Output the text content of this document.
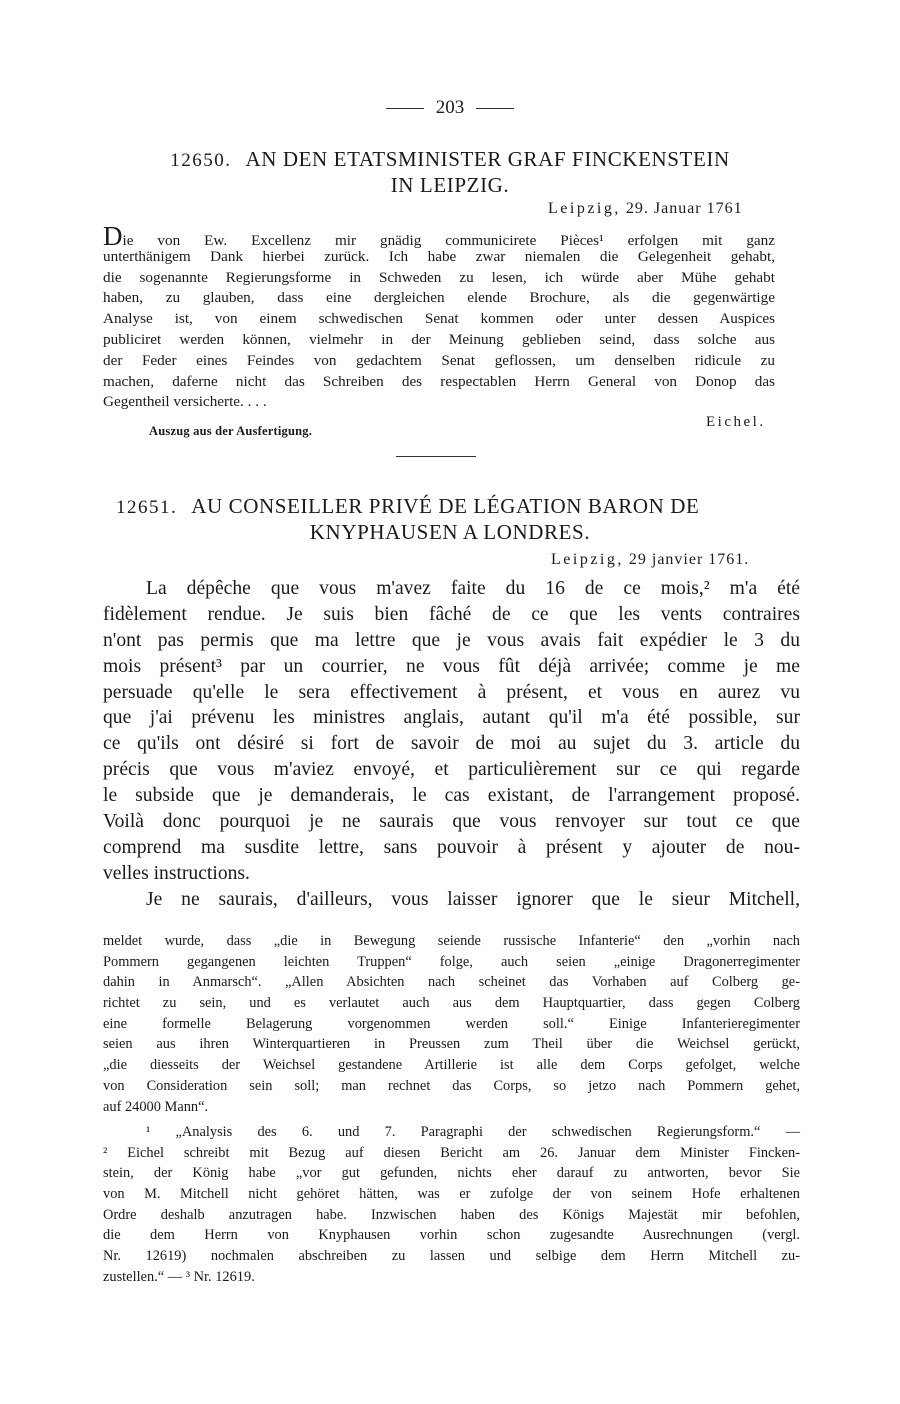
203
12650. AN DEN ETATSMINISTER GRAF FINCKENSTEIN
IN LEIPZIG.
Leipzig, 29. Januar 1761
Die von Ew. Excellenz mir gnädig communicirete Pièces¹ erfolgen mit ganz
unterthänigem Dank hierbei zurück. Ich habe zwar niemalen die Gelegenheit gehabt,
die sogenannte Regierungsforme in Schweden zu lesen, ich würde aber Mühe gehabt
haben, zu glauben, dass eine dergleichen elende Brochure, als die gegenwärtige
Analyse ist, von einem schwedischen Senat kommen oder unter dessen Auspices
publiciret werden können, vielmehr in der Meinung geblieben seind, dass solche aus
der Feder eines Feindes von gedachtem Senat geflossen, um denselben ridicule zu
machen, daferne nicht das Schreiben des respectablen Herrn General von Donop das
Gegentheil versicherte. . . .
Eichel.
Auszug aus der Ausfertigung.
12651. AU CONSEILLER PRIVÉ DE LÉGATION BARON DE
KNYPHAUSEN A LONDRES.
Leipzig, 29 janvier 1761.
La dépêche que vous m'avez faite du 16 de ce mois,² m'a été
fidèlement rendue. Je suis bien fâché de ce que les vents contraires
n'ont pas permis que ma lettre que je vous avais fait expédier le 3 du
mois présent³ par un courrier, ne vous fût déjà arrivée; comme je me
persuade qu'elle le sera effectivement à présent, et vous en aurez vu
que j'ai prévenu les ministres anglais, autant qu'il m'a été possible, sur
ce qu'ils ont désiré si fort de savoir de moi au sujet du 3. article du
précis que vous m'aviez envoyé, et particulièrement sur ce qui regarde
le subside que je demanderais, le cas existant, de l'arrangement proposé.
Voilà donc pourquoi je ne saurais que vous renvoyer sur tout ce que
comprend ma susdite lettre, sans pouvoir à présent y ajouter de nou-
velles instructions.
Je ne saurais, d'ailleurs, vous laisser ignorer que le sieur Mitchell,
meldet wurde, dass „die in Bewegung seiende russische Infanterie“ den „vorhin nach
Pommern gegangenen leichten Truppen“ folge, auch seien „einige Dragonerregimenter
dahin in Anmarsch“. „Allen Absichten nach scheinet das Vorhaben auf Colberg ge-
richtet zu sein, und es verlautet auch aus dem Hauptquartier, dass gegen Colberg
eine formelle Belagerung vorgenommen werden soll.“ Einige Infanterieregimenter
seien aus ihren Winterquartieren in Preussen zum Theil über die Weichsel gerückt,
„die diesseits der Weichsel gestandene Artillerie ist alle dem Corps gefolget, welche
von Consideration sein soll; man rechnet das Corps, so jetzo nach Pommern gehet,
auf 24000 Mann“.
¹ „Analysis des 6. und 7. Paragraphi der schwedischen Regierungsform.“ —
² Eichel schreibt mit Bezug auf diesen Bericht am 26. Januar dem Minister Fincken-
stein, der König habe „vor gut gefunden, nichts eher darauf zu antworten, bevor Sie
von M. Mitchell nicht gehöret hätten, was er zufolge der von seinem Hofe erhaltenen
Ordre deshalb anzutragen habe. Inzwischen haben des Königs Majestät mir befohlen,
die dem Herrn von Knyphausen vorhin schon zugesandte Ausrechnungen (vergl.
Nr. 12619) nochmalen abschreiben zu lassen und selbige dem Herrn Mitchell zu-
zustellen.“ — ³ Nr. 12619.
